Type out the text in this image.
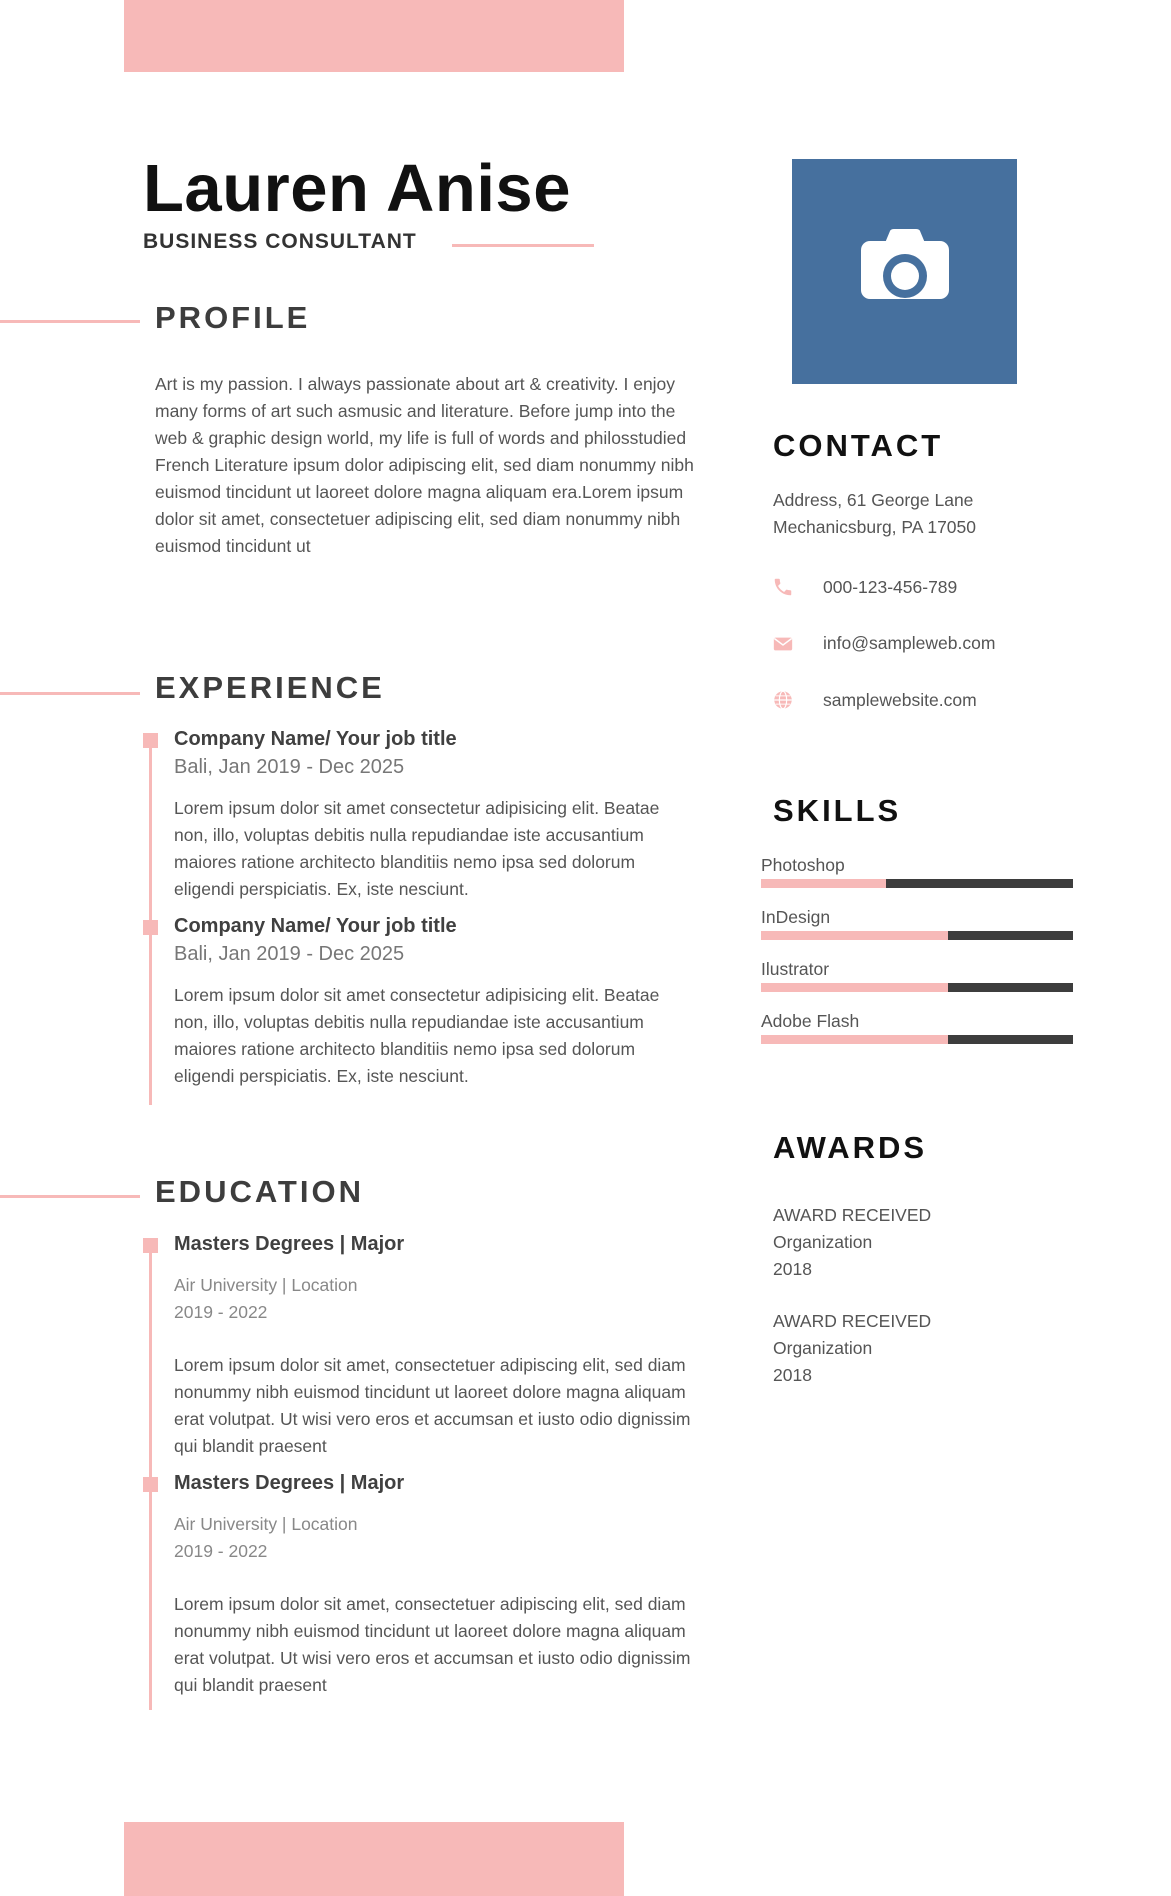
Lauren Anise
BUSINESS CONSULTANT
PROFILE
Art is my passion. I always passionate about art & creativity. I enjoy many forms of art such asmusic and literature. Before jump into the web & graphic design world, my life is full of words and philosstudied French Literature ipsum dolor adipiscing elit, sed diam nonummy nibh euismod tincidunt ut laoreet dolore magna aliquam era.Lorem ipsum dolor sit amet, consectetuer adipiscing elit, sed diam nonummy nibh euismod tincidunt ut
EXPERIENCE
Company Name/ Your job title
Bali, Jan 2019 - Dec 2025
Lorem ipsum dolor sit amet consectetur adipisicing elit. Beatae non, illo, voluptas debitis nulla repudiandae iste accusantium maiores ratione architecto blanditiis nemo ipsa sed dolorum eligendi perspiciatis. Ex, iste nesciunt.
Company Name/ Your job title
Bali, Jan 2019 - Dec 2025
Lorem ipsum dolor sit amet consectetur adipisicing elit. Beatae non, illo, voluptas debitis nulla repudiandae iste accusantium maiores ratione architecto blanditiis nemo ipsa sed dolorum eligendi perspiciatis. Ex, iste nesciunt.
EDUCATION
Masters Degrees | Major
Air University | Location
2019 - 2022
Lorem ipsum dolor sit amet, consectetuer adipiscing elit, sed diam nonummy nibh euismod tincidunt ut laoreet dolore magna aliquam erat volutpat. Ut wisi vero eros et accumsan et iusto odio dignissim qui blandit praesent
Masters Degrees | Major
Air University | Location
2019 - 2022
Lorem ipsum dolor sit amet, consectetuer adipiscing elit, sed diam nonummy nibh euismod tincidunt ut laoreet dolore magna aliquam erat volutpat. Ut wisi vero eros et accumsan et iusto odio dignissim qui blandit praesent
CONTACT
Address, 61 George Lane
Mechanicsburg, PA 17050
000-123-456-789
info@sampleweb.com
samplewebsite.com
SKILLS
Photoshop
InDesign
Ilustrator
Adobe Flash
AWARDS
AWARD RECEIVED
Organization
2018
AWARD RECEIVED
Organization
2018
